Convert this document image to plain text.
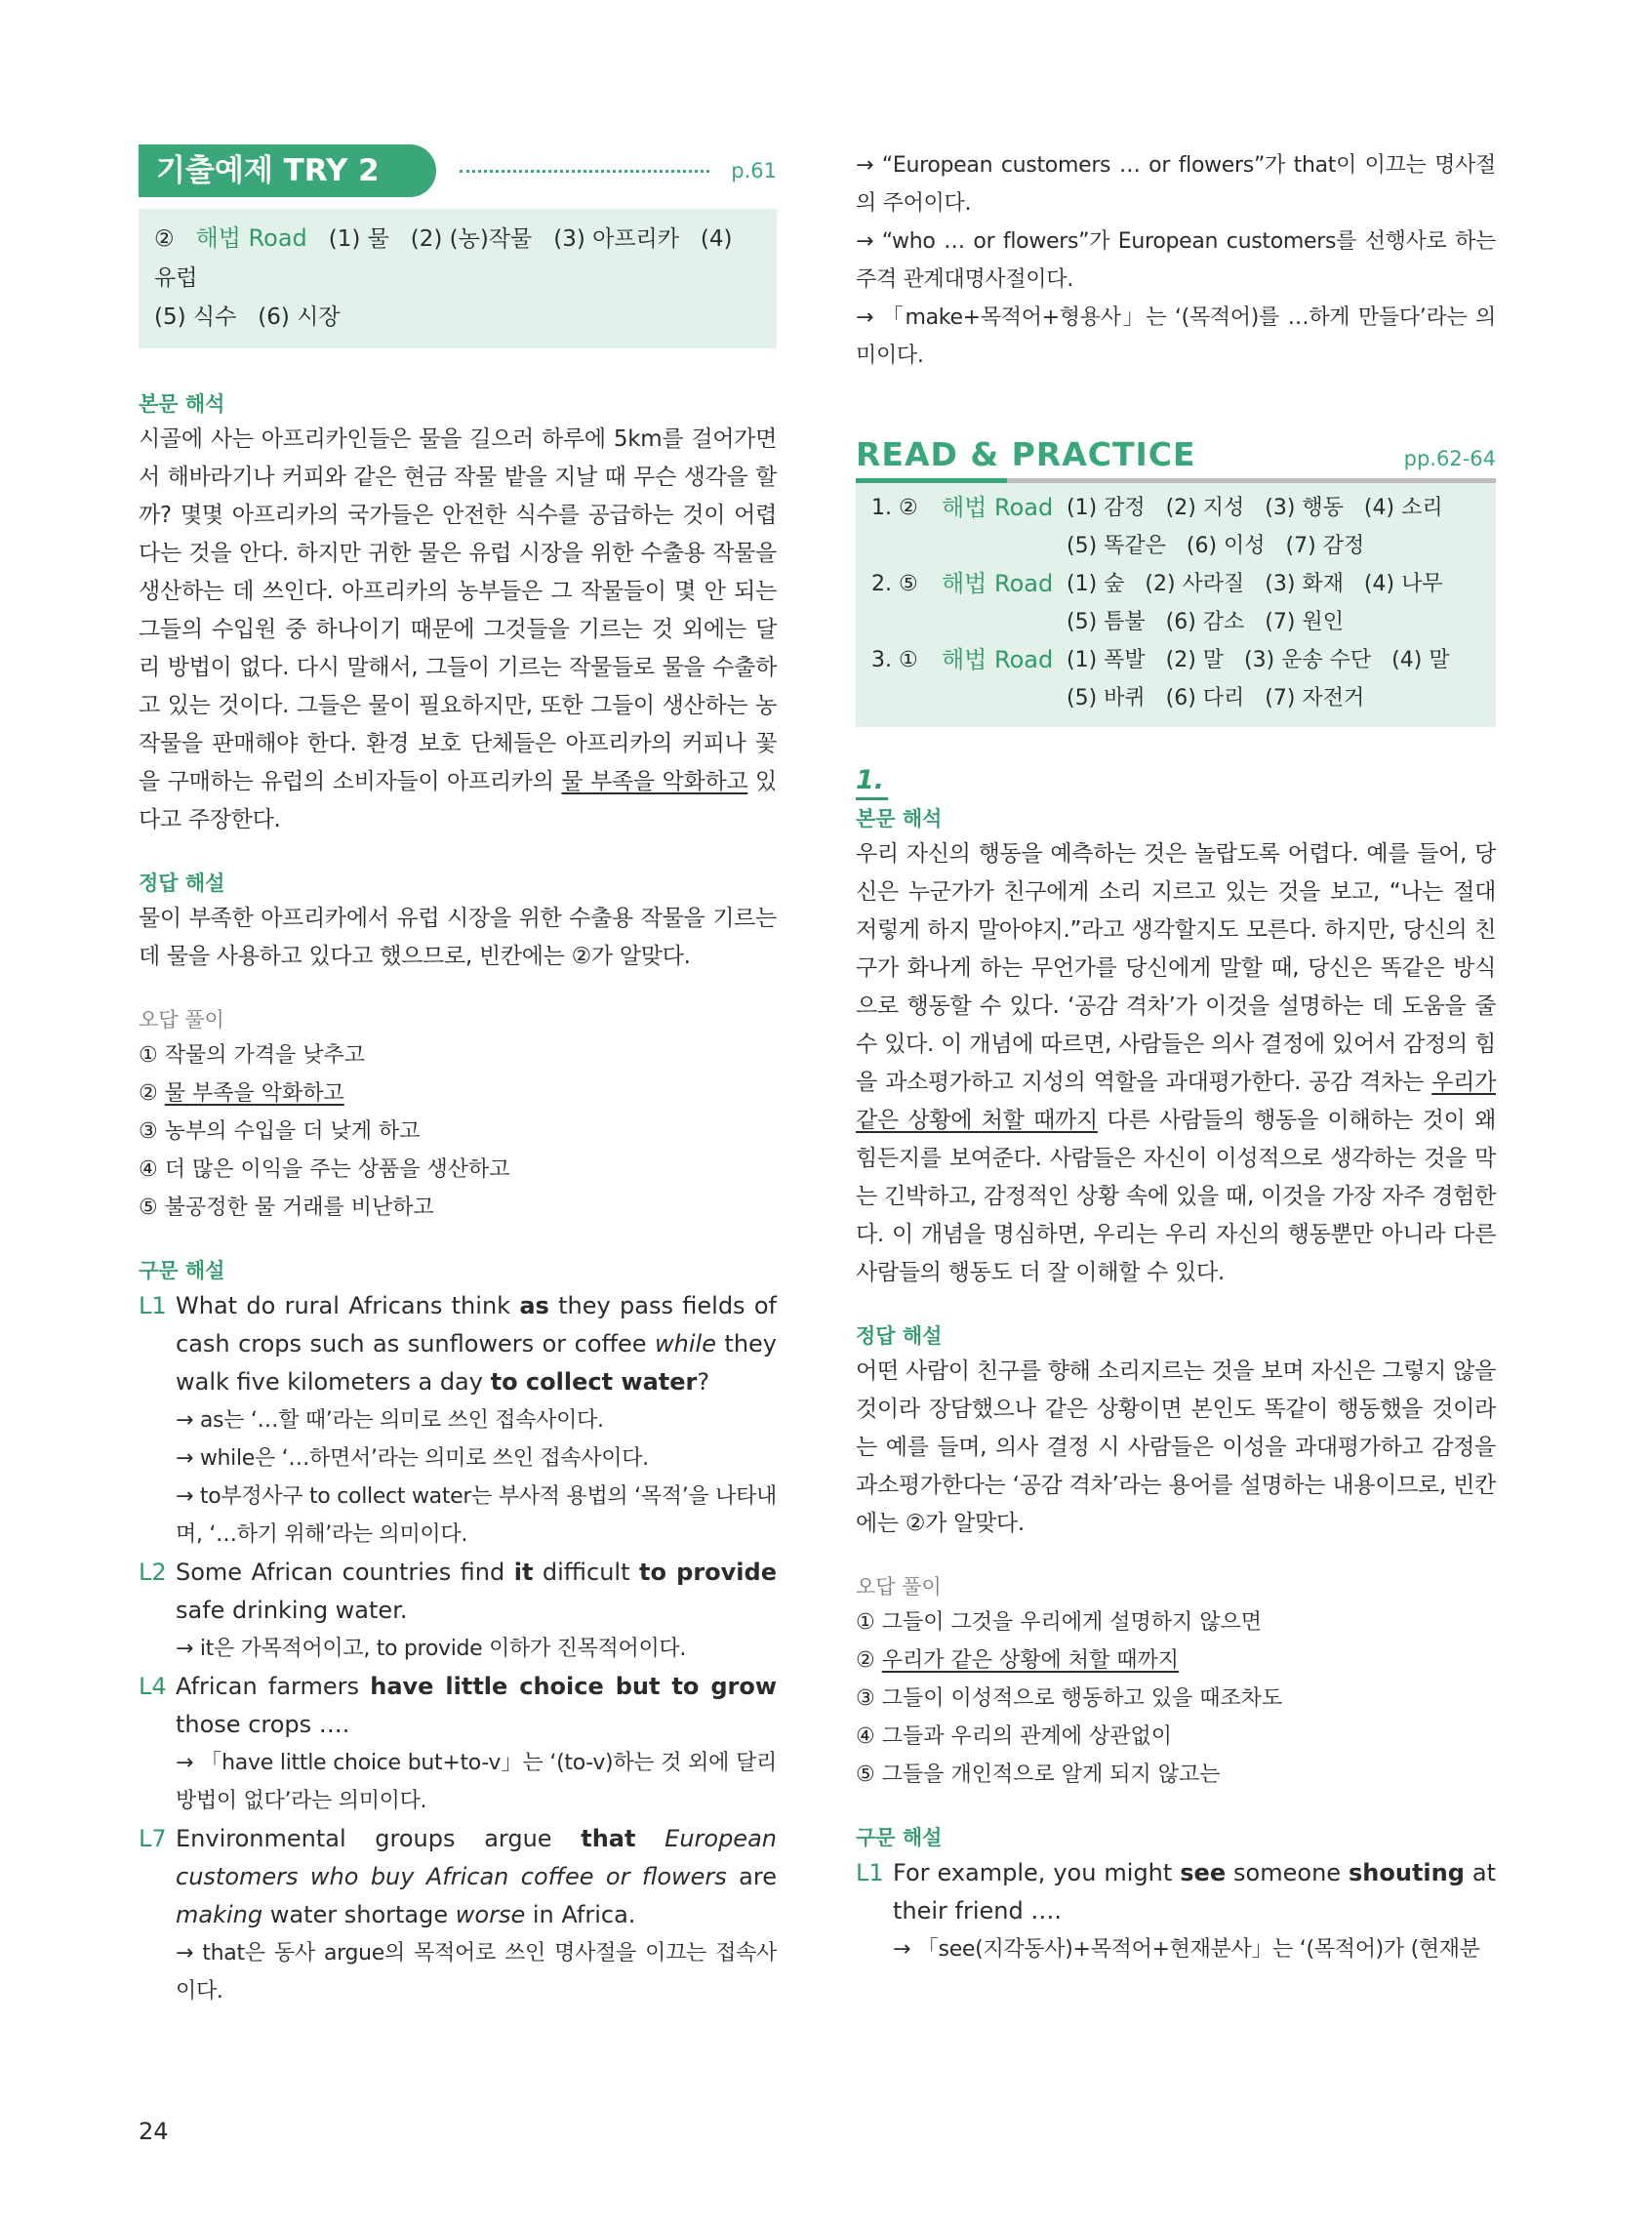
기출예제 TRY 2	p.61
② 해법 Road (1) 물 (2) (농)작물 (3) 아프리카 (4) 유럽
(5) 식수 (6) 시장
본문 해석
시골에 사는 아프리카인들은 물을 길으러 하루에 5km를 걸어가면서 해바라기나 커피와 같은 현금 작물 밭을 지날 때 무슨 생각을 할까? 몇몇 아프리카의 국가들은 안전한 식수를 공급하는 것이 어렵다는 것을 안다. 하지만 귀한 물은 유럽 시장을 위한 수출용 작물을 생산하는 데 쓰인다. 아프리카의 농부들은 그 작물들이 몇 안 되는 그들의 수입원 중 하나이기 때문에 그것들을 기르는 것 외에는 달리 방법이 없다. 다시 말해서, 그들이 기르는 작물들로 물을 수출하고 있는 것이다. 그들은 물이 필요하지만, 또한 그들이 생산하는 농작물을 판매해야 한다. 환경 보호 단체들은 아프리카의 커피나 꽃을 구매하는 유럽의 소비자들이 아프리카의 물 부족을 악화하고 있다고 주장한다.
정답 해설
물이 부족한 아프리카에서 유럽 시장을 위한 수출용 작물을 기르는 데 물을 사용하고 있다고 했으므로, 빈칸에는 ②가 알맞다.
오답 풀이
① 작물의 가격을 낮추고
② 물 부족을 악화하고
③ 농부의 수입을 더 낮게 하고
④ 더 많은 이익을 주는 상품을 생산하고
⑤ 불공정한 물 거래를 비난하고
구문 해설
L1 What do rural Africans think as they pass fields of cash crops such as sunflowers or coffee while they walk five kilometers a day to collect water?
→ as는 ‘…할 때’라는 의미로 쓰인 접속사이다.
→ while은 ‘…하면서’라는 의미로 쓰인 접속사이다.
→ to부정사구 to collect water는 부사적 용법의 ‘목적’을 나타내며, ‘…하기 위해’라는 의미이다.
L2 Some African countries find it difficult to provide safe drinking water.
→ it은 가목적어이고, to provide 이하가 진목적어이다.
L4 African farmers have little choice but to grow those crops ….
→ 「have little choice but+to-v」는 ‘(to-v)하는 것 외에 달리 방법이 없다’라는 의미이다.
L7 Environmental groups argue that European customers who buy African coffee or flowers are making water shortage worse in Africa.
→ that은 동사 argue의 목적어로 쓰인 명사절을 이끄는 접속사이다.
→ “European customers … or flowers”가 that이 이끄는 명사절의 주어이다.
→ “who … or flowers”가 European customers를 선행사로 하는 주격 관계대명사절이다.
→ 「make+목적어+형용사」는 ‘(목적어)를 …하게 만들다’라는 의미이다.
READ & PRACTICE	pp.62-64
1. ②	해법 Road (1) 감정   (2) 지성   (3) 행동   (4) 소리
(5) 똑같은   (6) 이성   (7) 감정
2. ⑤	해법 Road (1) 숲   (2) 사라질   (3) 화재   (4) 나무
(5) 틈불   (6) 감소   (7) 원인
3. ①	해법 Road (1) 폭발   (2) 말   (3) 운송 수단   (4) 말
(5) 바퀴   (6) 다리   (7) 자전거
1.
본문 해석
우리 자신의 행동을 예측하는 것은 놀랍도록 어렵다. 예를 들어, 당신은 누군가가 친구에게 소리 지르고 있는 것을 보고, “나는 절대 저렇게 하지 말아야지.”라고 생각할지도 모른다. 하지만, 당신의 친구가 화나게 하는 무언가를 당신에게 말할 때, 당신은 똑같은 방식으로 행동할 수 있다. ‘공감 격차’가 이것을 설명하는 데 도움을 줄 수 있다. 이 개념에 따르면, 사람들은 의사 결정에 있어서 감정의 힘을 과소평가하고 지성의 역할을 과대평가한다. 공감 격차는 우리가 같은 상황에 처할 때까지 다른 사람들의 행동을 이해하는 것이 왜 힘든지를 보여준다. 사람들은 자신이 이성적으로 생각하는 것을 막는 긴박하고, 감정적인 상황 속에 있을 때, 이것을 가장 자주 경험한다. 이 개념을 명심하면, 우리는 우리 자신의 행동뿐만 아니라 다른 사람들의 행동도 더 잘 이해할 수 있다.
정답 해설
어떤 사람이 친구를 향해 소리지르는 것을 보며 자신은 그렇지 않을 것이라 장담했으나 같은 상황이면 본인도 똑같이 행동했을 것이라는 예를 들며, 의사 결정 시 사람들은 이성을 과대평가하고 감정을 과소평가한다는 ‘공감 격차’라는 용어를 설명하는 내용이므로, 빈칸에는 ②가 알맞다.
오답 풀이
① 그들이 그것을 우리에게 설명하지 않으면
② 우리가 같은 상황에 처할 때까지
③ 그들이 이성적으로 행동하고 있을 때조차도
④ 그들과 우리의 관계에 상관없이
⑤ 그들을 개인적으로 알게 되지 않고는
구문 해설
L1 For example, you might see someone shouting at their friend ….
→ 「see(지각동사)+목적어+현재분사」는 ‘(목적어)가 (현재분
24
